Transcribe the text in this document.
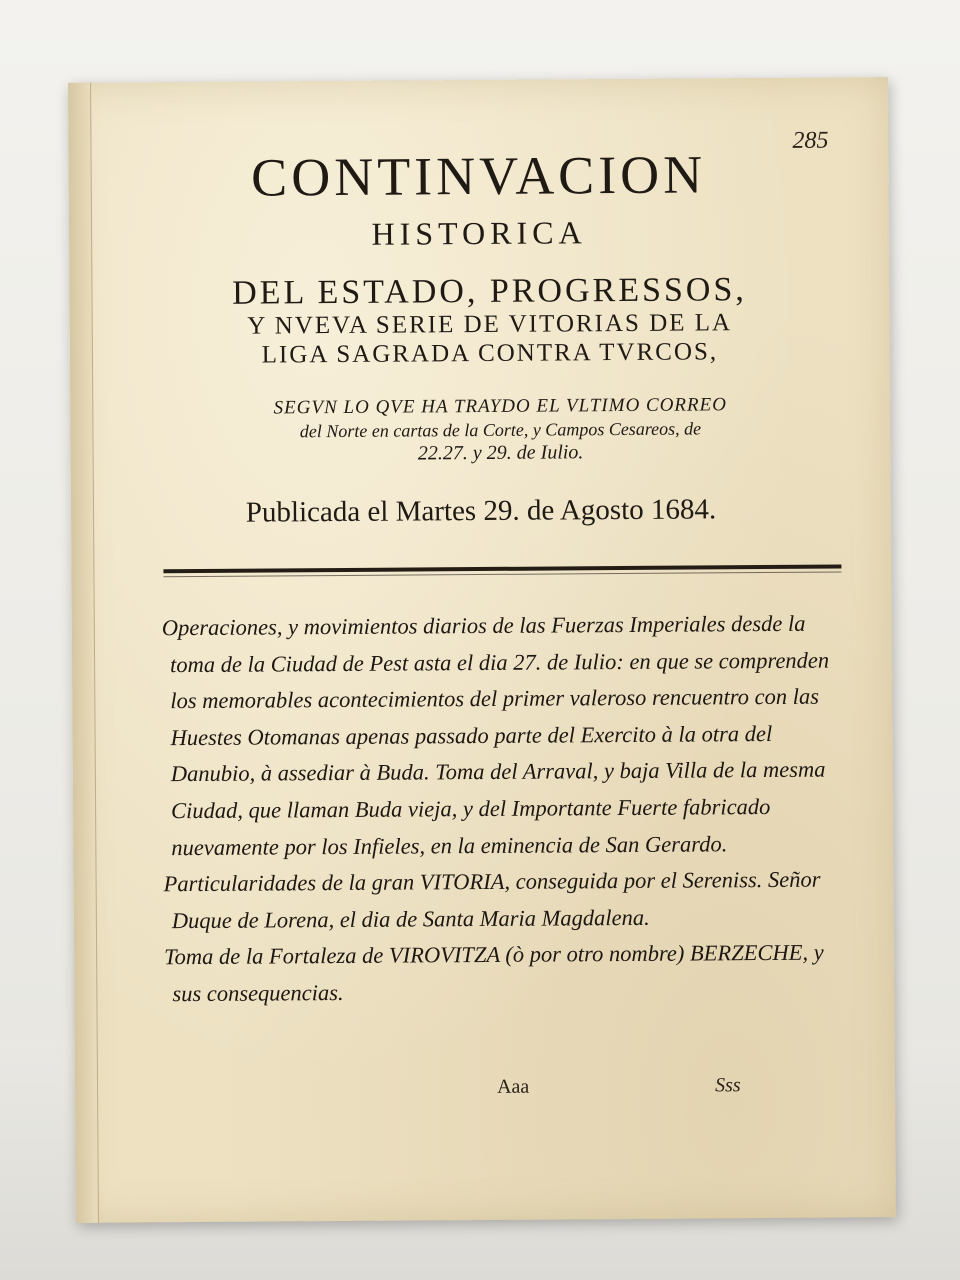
285
CONTINVACION
HISTORICA
DEL ESTADO, PROGRESSOS,
Y NVEVA SERIE DE VITORIAS DE LA
LIGA SAGRADA CONTRA TVRCOS,
SEGVN LO QVE HA TRAYDO EL VLTIMO CORREO
del Norte en cartas de la Corte, y Campos Cesareos, de
22.27. y 29. de Iulio.
Publicada el Martes 29. de Agosto 1684.

Operaciones, y movimientos diarios de las Fuerzas Imperiales desde la toma de la Ciudad de Pest asta el dia 27. de Iulio: en que se comprenden los memorables acontecimientos del primer valeroso rencuentro con las Huestes Otomanas apenas passado parte del Exercito à la otra del Danubio, à assediar à Buda. Toma del Arraval, y baja Villa de la mesma Ciudad, que llaman Buda vieja, y del Importante Fuerte fabricado nuevamente por los Infieles, en la eminencia de San Gerardo.

Particularidades de la gran VITORIA, conseguida por el Sereniss. Señor Duque de Lorena, el dia de Santa Maria Magdalena.

Toma de la Fortaleza de VIROVITZA (ò por otro nombre) BERZECHE, y sus consequencias.

Aaa	Sss
